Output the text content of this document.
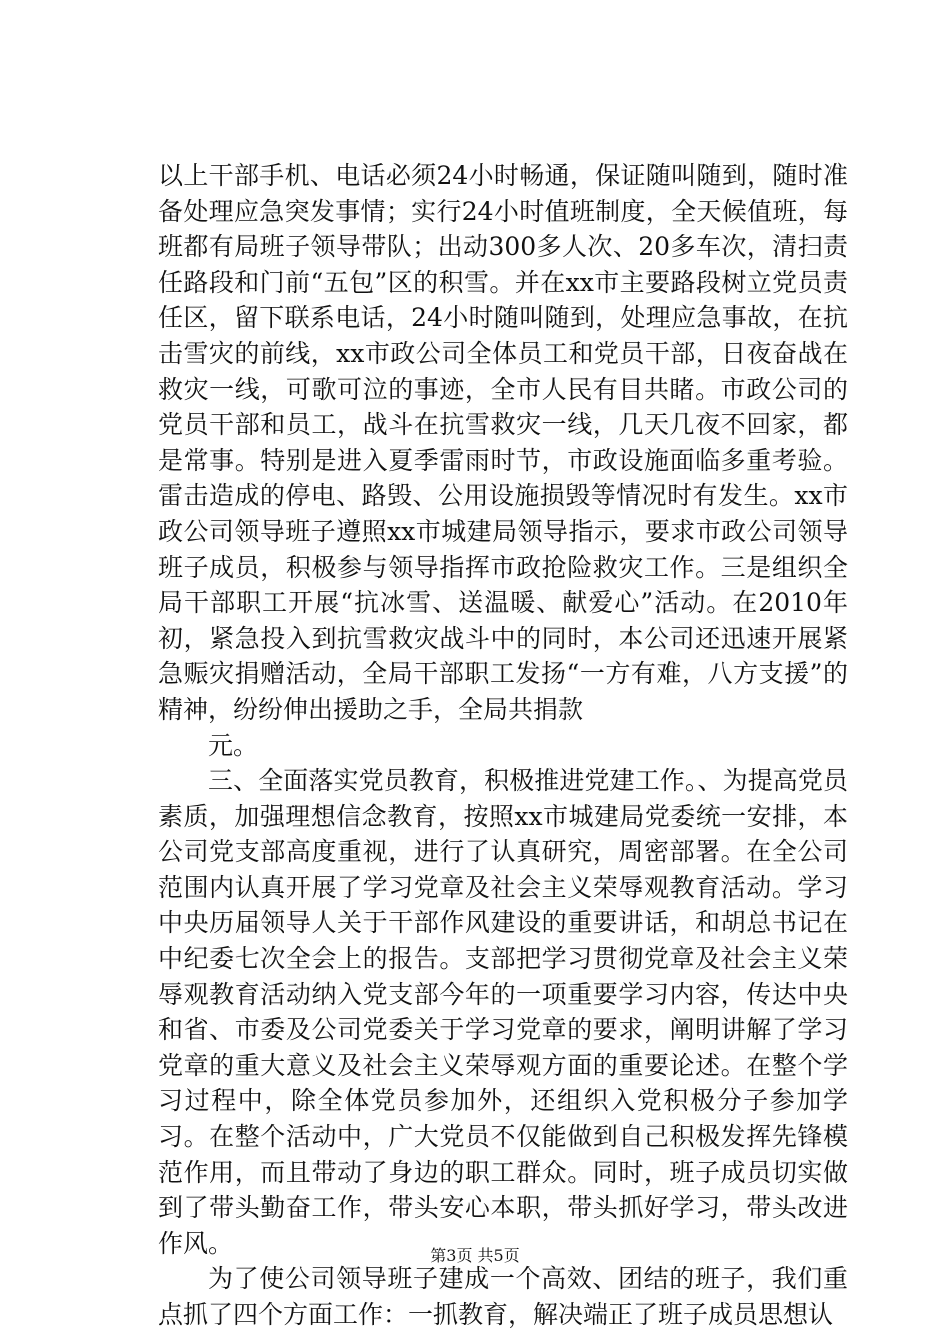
以上干部手机、电话必须24小时畅通，保证随叫随到，随时准备处理应急突发事情；实行24小时值班制度，全天候值班，每班都有局班子领导带队；出动300多人次、20多车次，清扫责任路段和门前“五包”区的积雪。并在xx市主要路段树立党员责任区，留下联系电话，24小时随叫随到，处理应急事故，在抗击雪灾的前线，xx市政公司全体员工和党员干部，日夜奋战在救灾一线，可歌可泣的事迹，全市人民有目共睹。市政公司的党员干部和员工，战斗在抗雪救灾一线，几天几夜不回家，都是常事。特别是进入夏季雷雨时节，市政设施面临多重考验。雷击造成的停电、路毁、公用设施损毁等情况时有发生。xx市政公司领导班子遵照xx市城建局领导指示，要求市政公司领导班子成员，积极参与领导指挥市政抢险救灾工作。三是组织全局干部职工开展“抗冰雪、送温暖、献爱心”活动。在2010年初，紧急投入到抗雪救灾战斗中的同时，本公司还迅速开展紧急赈灾捐赠活动，全局干部职工发扬“一方有难，八方支援”的精神，纷纷伸出援助之手，全局共捐款

元。

三、全面落实党员教育，积极推进党建工作。、为提高党员素质，加强理想信念教育，按照xx市城建局党委统一安排，本公司党支部高度重视，进行了认真研究，周密部署。在全公司范围内认真开展了学习党章及社会主义荣辱观教育活动。学习中央历届领导人关于干部作风建设的重要讲话，和胡总书记在中纪委七次全会上的报告。支部把学习贯彻党章及社会主义荣辱观教育活动纳入党支部今年的一项重要学习内容，传达中央和省、市委及公司党委关于学习党章的要求，阐明讲解了学习党章的重大意义及社会主义荣辱观方面的重要论述。在整个学习过程中，除全体党员参加外，还组织入党积极分子参加学习。在整个活动中，广大党员不仅能做到自己积极发挥先锋模范作用，而且带动了身边的职工群众。同时，班子成员切实做到了带头勤奋工作，带头安心本职，带头抓好学习，带头改进作风。

为了使公司领导班子建成一个高效、团结的班子，我们重点抓了四个方面工作：一抓教育，解决端正了班子成员思想认

第3页 共5页
